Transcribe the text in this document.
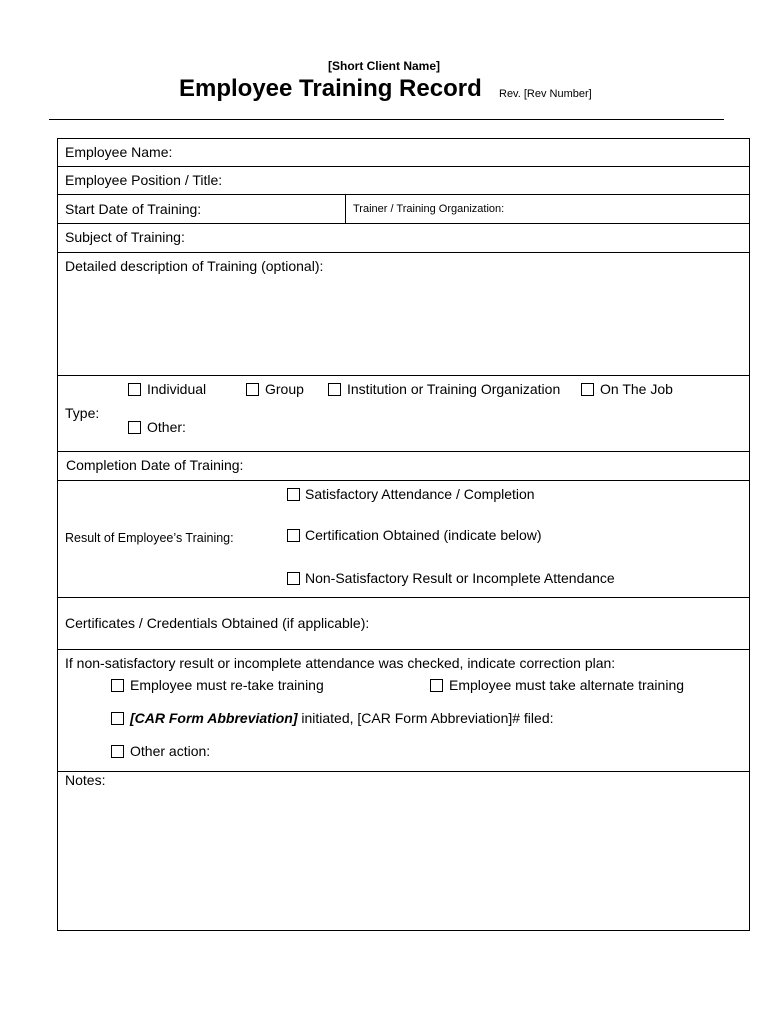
[Short Client Name]
Employee Training Record Rev. [Rev Number]
Employee Name:
Employee Position / Title:
Start Date of Training:	Trainer / Training Organization:
Subject of Training:
Detailed description of Training (optional):
Type:
Individual	Group	Institution or Training Organization	On The Job
Other:
Completion Date of Training:
Result of Employee’s Training:
Satisfactory Attendance / Completion
Certification Obtained (indicate below)
Non-Satisfactory Result or Incomplete Attendance
Certificates / Credentials Obtained (if applicable):
If non-satisfactory result or incomplete attendance was checked, indicate correction plan:
Employee must re-take training	Employee must take alternate training
[CAR Form Abbreviation] initiated, [CAR Form Abbreviation]# filed:
Other action:
Notes:
